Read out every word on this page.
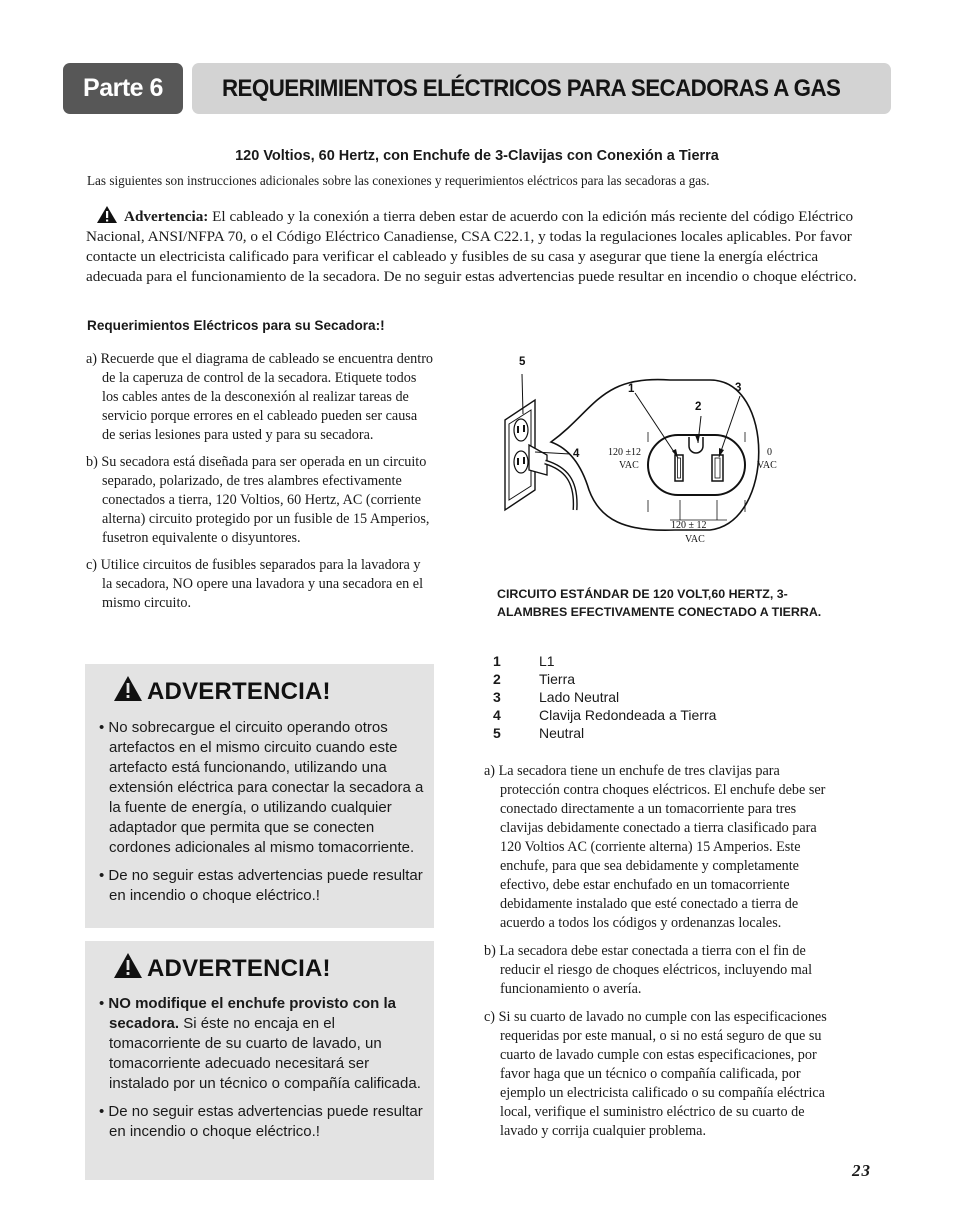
Parte 6	REQUERIMIENTOS ELÉCTRICOS PARA SECADORAS A GAS
120 Voltios, 60 Hertz, con Enchufe de 3-Clavijas con Conexión a Tierra
Las siguientes son instrucciones adicionales sobre las conexiones y requerimientos eléctricos para las secadoras a gas.
Advertencia: El cableado y la conexión a tierra deben estar de acuerdo con la edición más reciente del código Eléctrico Nacional, ANSI/NFPA 70, o el Código Eléctrico Canadiense, CSA C22.1, y todas la regulaciones locales aplicables. Por favor contacte un electricista calificado para verificar el cableado y fusibles de su casa y asegurar que tiene la energía eléctrica adecuada para el funcionamiento de la secadora. De no seguir estas advertencias puede resultar en incendio o choque eléctrico.
Requerimientos Eléctricos para su Secadora:!

a) Recuerde que el diagrama de cableado se encuentra dentro de la caperuza de control de la secadora. Etiquete todos los cables antes de la desconexión al realizar tareas de servicio porque errores en el cableado pueden ser causa de serias lesiones para usted y para su secadora.

b) Su secadora está diseñada para ser operada en un circuito separado, polarizado, de tres alambres efectivamente conectados a tierra, 120 Voltios, 60 Hertz, AC (corriente alterna) circuito protegido por un fusible de 15 Amperios, fusetron equivalente o disyuntores.

c) Utilice circuitos de fusibles separados para la lavadora y la secadora, NO opere una lavadora y una secadora en el mismo circuito.

ADVERTENCIA!

• No sobrecargue el circuito operando otros artefactos en el mismo circuito cuando este artefacto está funcionando, utilizando una extensión eléctrica para conectar la secadora a la fuente de energía, o utilizando cualquier adaptador que permita que se conecten cordones adicionales al mismo tomacorriente.

• De no seguir estas advertencias puede resultar en incendio o choque eléctrico.!

ADVERTENCIA!

• NO modifique el enchufe provisto con la secadora. Si éste no encaja en el tomacorriente de su cuarto de lavado, un tomacorriente adecuado necesitará ser instalado por un técnico o compañía calificada.

• De no seguir estas advertencias puede resultar en incendio o choque eléctrico.!

5
1
2
3
4	120 ±12
VAC
0
VAC
120 ± 12
VAC
CIRCUITO ESTÁNDAR DE 120 VOLT,60 HERTZ, 3-ALAMBRES EFECTIVAMENTE CONECTADO A TIERRA.
1	L1
2	Tierra
3	Lado Neutral
4	Clavija Redondeada a Tierra
5	Neutral

a) La secadora tiene un enchufe de tres clavijas para protección contra choques eléctricos. El enchufe debe ser conectado directamente a un tomacorriente para tres clavijas debidamente conectado a tierra clasificado para 120 Voltios AC (corriente alterna) 15 Amperios. Este enchufe, para que sea debidamente y completamente efectivo, debe estar enchufado en un tomacorriente debidamente instalado que esté conectado a tierra de acuerdo a todos los códigos y ordenanzas locales.

b) La secadora debe estar conectada a tierra con el fin de reducir el riesgo de choques eléctricos, incluyendo mal funcionamiento o avería.

c) Si su cuarto de lavado no cumple con las especificaciones requeridas por este manual, o si no está seguro de que su cuarto de lavado cumple con estas especificaciones, por favor haga que un técnico o compañía calificada, por ejemplo un electricista calificado o su compañía eléctrica local, verifique el suministro eléctrico de su cuarto de lavado y corrija cualquier problema.

23
